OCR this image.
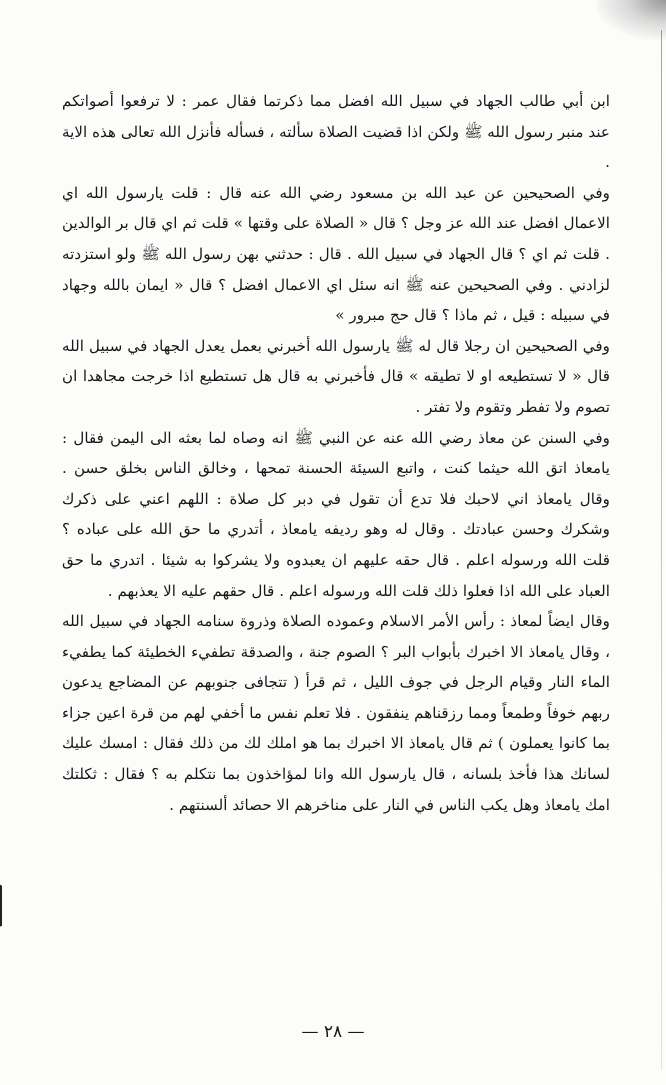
ابن أبي طالب الجهاد في سبيل الله افضل مما ذكرتما فقال عمر : لا ترفعوا أصواتكم عند منبر رسول الله ﷺ ولكن اذا قضيت الصلاة سألته ، فسأله فأنزل الله تعالى هذه الاية .

وفي الصحيحين عن عبد الله بن مسعود رضي الله عنه قال : قلت يارسول الله اي الاعمال افضل عند الله عز وجل ؟ قال « الصلاة على وقتها » قلت ثم اي قال بر الوالدين . قلت ثم اي ؟ قال الجهاد في سبيل الله . قال : حدثني بهن رسول الله ﷺ ولو استزدته لزادني . وفي الصحيحين عنه ﷺ انه سئل اي الاعمال افضل ؟ قال « ايمان بالله وجهاد في سبيله : قيل ، ثم ماذا ؟ قال حج مبرور »

وفي الصحيحين ان رجلا قال له ﷺ يارسول الله أخبرني بعمل يعدل الجهاد في سبيل الله قال « لا تستطيعه او لا تطيقه » قال فأخبرني به قال هل تستطيع اذا خرجت مجاهدا ان تصوم ولا تفطر وتقوم ولا تفتر .

وفي السنن عن معاذ رضي الله عنه عن النبي ﷺ انه وصاه لما بعثه الى اليمن فقال : يامعاذ اتق الله حيثما كنت ، واتبع السيئة الحسنة تمحها ، وخالق الناس بخلق حسن . وقال يامعاذ اني لاحبك فلا تدع أن تقول في دبر كل صلاة : اللهم اعني على ذكرك وشكرك وحسن عبادتك . وقال له وهو رديفه يامعاذ ، أتدري ما حق الله على عباده ؟ قلت الله ورسوله اعلم . قال حقه عليهم ان يعبدوه ولا يشركوا به شيئا . اتدري ما حق العباد على الله اذا فعلوا ذلك قلت الله ورسوله اعلم . قال حقهم عليه الا يعذبهم .

وقال ايضاً لمعاذ : رأس الأمر الاسلام وعموده الصلاة وذروة سنامه الجهاد في سبيل الله ، وقال يامعاذ الا اخبرك بأبواب البر ؟ الصوم جنة ، والصدقة تطفيء الخطيئة كما يطفيء الماء النار وقيام الرجل في جوف الليل ، ثم قرأ ( تتجافى جنوبهم عن المضاجع يدعون ربهم خوفاً وطمعاً ومما رزقناهم ينفقون . فلا تعلم نفس ما أخفي لهم من قرة اعين جزاء بما كانوا يعملون ) ثم قال يامعاذ الا اخبرك بما هو املك لك من ذلك فقال : امسك عليك لسانك هذا فأخذ بلسانه ، قال يارسول الله وانا لمؤاخذون بما نتكلم به ؟ فقال : ثكلتك امك يامعاذ وهل يكب الناس في النار على مناخرهم الا حصائد ألسنتهم .

— ٢٨ —
